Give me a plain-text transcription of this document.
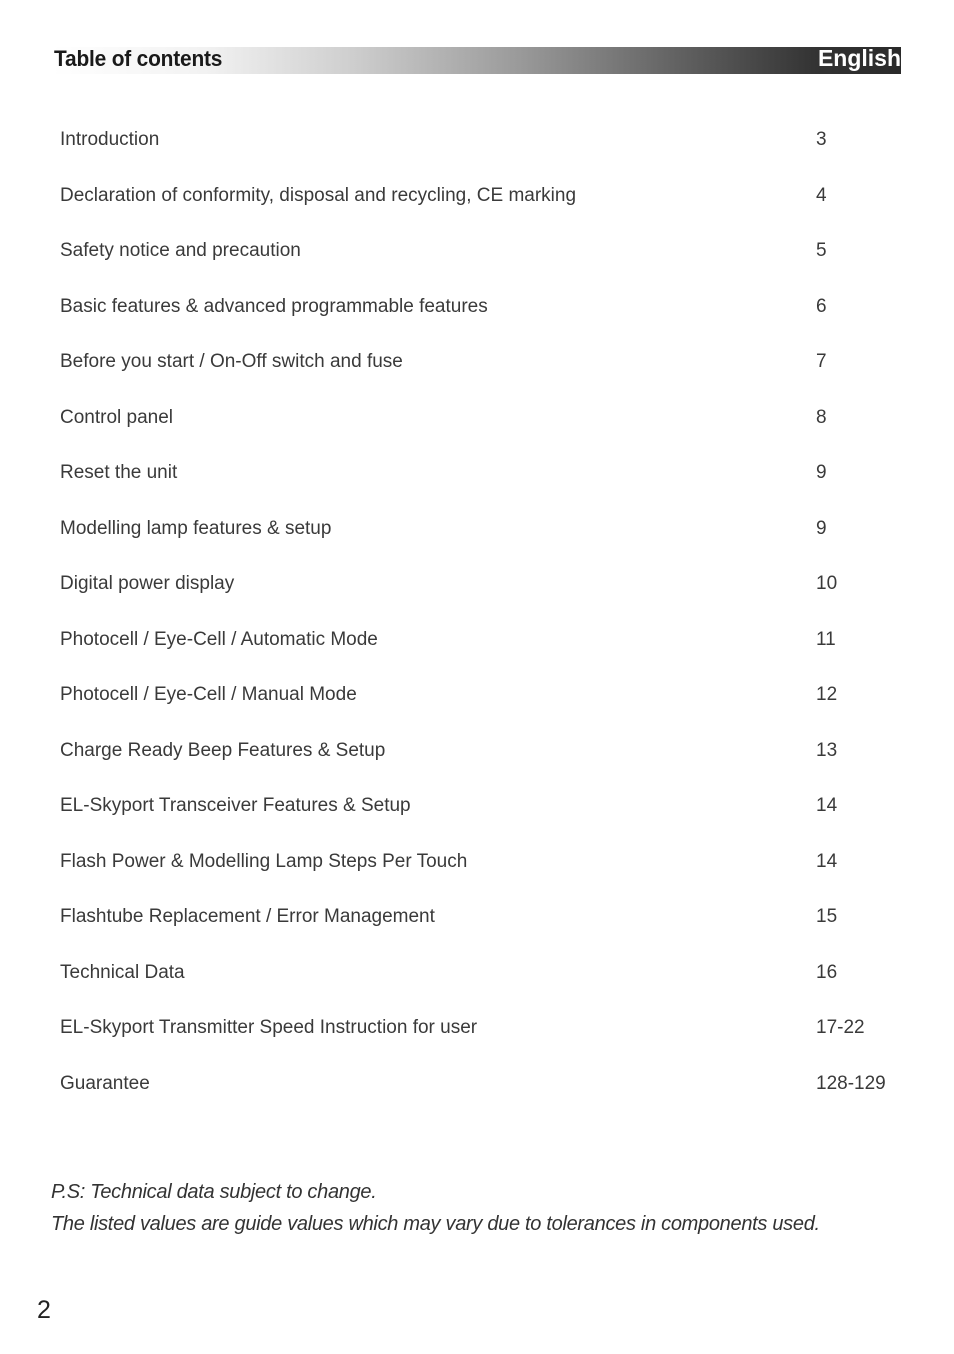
Table of contents	English
Introduction	3
Declaration of conformity, disposal and recycling, CE marking	4
Safety notice and precaution	5
Basic features & advanced programmable features	6
Before you start / On-Off switch and fuse	7
Control panel	8
Reset the unit	9
Modelling lamp features & setup	9
Digital power display	10
Photocell / Eye-Cell / Automatic Mode	11
Photocell / Eye-Cell / Manual Mode	12
Charge Ready Beep Features & Setup	13
EL-Skyport Transceiver Features & Setup	14
Flash Power & Modelling Lamp Steps Per Touch	14
Flashtube Replacement / Error Management	15
Technical Data	16
EL-Skyport Transmitter Speed Instruction for user	17-22
Guarantee	128-129
P.S: Technical data subject to change.
The listed values are guide values which may vary due to tolerances in components used.
2
